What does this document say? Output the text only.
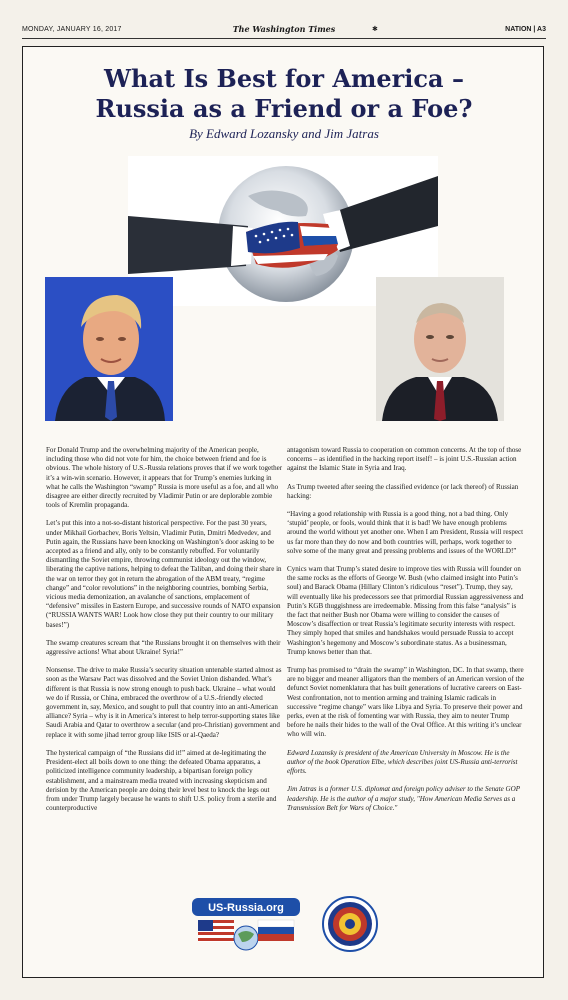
MONDAY, JANUARY 16, 2017	The Washington Times	✱	NATION | A3
What Is Best for America –
Russia as a Friend or a Foe?
By Edward Lozansky and Jim Jatras

For Donald Trump and the overwhelming majority of the American people, including those who did not vote for him, the choice between friend and foe is obvious. The whole history of U.S.-Russia relations proves that if we work together it’s a win-win scenario. However, it appears that for Trump’s enemies lurking in what he calls the Washington “swamp” Russia is more useful as a foe, and all who disagree are either directly recruited by Vladimir Putin or are deplorable zombie tools of Kremlin propaganda.

Let’s put this into a not-so-distant historical perspective. For the past 30 years, under Mikhail Gorbachev, Boris Yeltsin, Vladimir Putin, Dmitri Medvedev, and Putin again, the Russians have been knocking on Washington’s door asking to be accepted as a friend and ally, only to be constantly rebuffed. For voluntarily dismantling the Soviet empire, throwing communist ideology out the window, liberating the captive nations, helping to defeat the Taliban, and doing their share in the war on terror they got in return the abrogation of the ABM treaty, “regime change” and “color revolutions” in the neighboring countries, bombing Serbia, vicious media demonization, an avalanche of sanctions, emplacement of “defensive” missiles in Eastern Europe, and successive rounds of NATO expansion (“RUSSIA WANTS WAR! Look how close they put their country to our military bases!”)

The swamp creatures scream that “the Russians brought it on themselves with their aggressive actions! What about Ukraine! Syria!”

Nonsense. The drive to make Russia’s security situation untenable started almost as soon as the Warsaw Pact was dissolved and the Soviet Union disbanded. What’s different is that Russia is now strong enough to push back. Ukraine – what would we do if Russia, or China, embraced the overthrow of a U.S.-friendly elected government in, say, Mexico, and sought to pull that country into an anti-American alliance? Syria – why is it in America’s interest to help terror-supporting states like Saudi Arabia and Qatar to overthrow a secular (and pro-Christian) government and replace it with some jihad terror group like ISIS or al-Qaeda?

The hysterical campaign of “the Russians did it!” aimed at de-legitimating the President-elect all boils down to one thing: the defeated Obama apparatus, a politicized intelligence community leadership, a bipartisan foreign policy establishment, and a mainstream media treated with increasing skepticism and derision by the American people are doing their level best to knock the legs out from under Trump largely because he wants to shift U.S. policy from a sterile and counterproductive

antagonism toward Russia to cooperation on common concerns. At the top of those concerns – as identified in the hacking report itself! – is joint U.S.-Russian action against the Islamic State in Syria and Iraq.

As Trump tweeted after seeing the classified evidence (or lack thereof) of Russian hacking:

“Having a good relationship with Russia is a good thing, not a bad thing. Only ‘stupid’ people, or fools, would think that it is bad! We have enough problems around the world without yet another one. When I am President, Russia will respect us far more than they do now and both countries will, perhaps, work together to solve some of the many great and pressing problems and issues of the WORLD!”

Cynics warn that Trump’s stated desire to improve ties with Russia will founder on the same rocks as the efforts of George W. Bush (who claimed insight into Putin’s soul) and Barack Obama (Hillary Clinton’s ridiculous “reset”). Trump, they say, will eventually like his predecessors see that primordial Russian aggressiveness and Putin’s KGB thuggishness are irredeemable. Missing from this false “analysis” is the fact that neither Bush nor Obama were willing to consider the causes of Moscow’s disaffection or treat Russia’s legitimate security interests with respect. They simply hoped that smiles and handshakes would persuade Russia to accept Washington’s hegemony and Moscow’s subordinate status. As a businessman, Trump knows better than that.

Trump has promised to “drain the swamp” in Washington, DC. In that swamp, there are no bigger and meaner alligators than the members of an American version of the defunct Soviet nomenklatura that has built generations of lucrative careers on East-West confrontation, not to mention arming and training Islamic radicals in successive “regime change” wars like Libya and Syria. To preserve their power and perks, even at the risk of fomenting war with Russia, they aim to neuter Trump before he nails their hides to the wall of the Oval Office. At this writing it’s unclear who will win.

Edward Lozansky is president of the American University in Moscow. He is the author of the book Operation Elbe, which describes joint US-Russia anti-terrorist efforts.

Jim Jatras is a former U.S. diplomat and foreign policy adviser to the Senate GOP leadership. He is the author of a major study, "How American Media Serves as a Transmission Belt for Wars of Choice."

US-Russia.org
